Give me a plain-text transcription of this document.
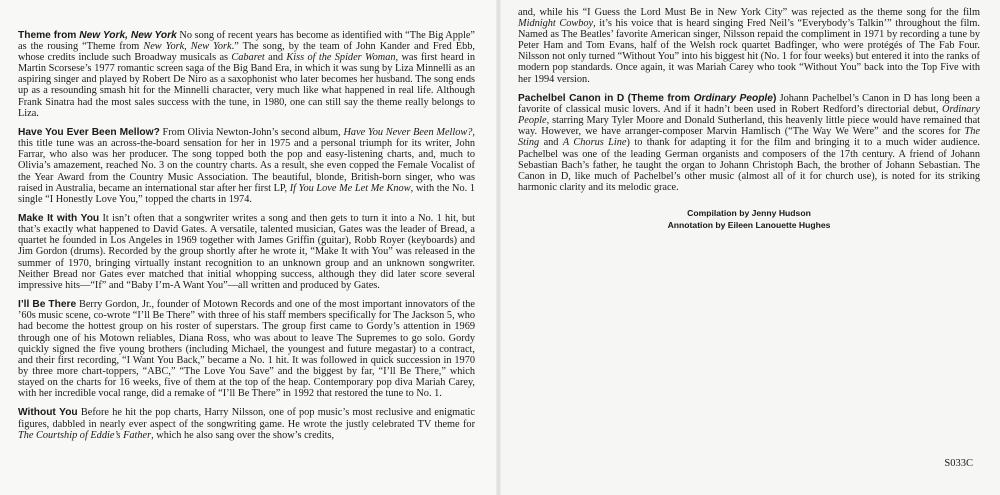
Theme from New York, New York No song of recent years has become as identified with “The Big Apple” as the rousing “Theme from New York, New York.” The song, by the team of John Kander and Fred Ebb, whose credits include such Broadway musicals as Cabaret and Kiss of the Spider Woman, was first heard in Martin Scorsese’s 1977 romantic screen saga of the Big Band Era, in which it was sung by Liza Minnelli as an aspiring singer and played by Robert De Niro as a saxophonist who later becomes her husband. The song ends up as a resounding smash hit for the Minnelli character, very much like what happened in real life. Although Frank Sinatra had the most sales success with the tune, in 1980, one can still say the theme really belongs to Liza.

Have You Ever Been Mellow? From Olivia Newton-John’s second album, Have You Never Been Mellow?, this title tune was an across-the-board sensation for her in 1975 and a personal triumph for its writer, John Farrar, who also was her producer. The song topped both the pop and easy-listening charts, and, much to Olivia’s amazement, reached No. 3 on the country charts. As a result, she even copped the Female Vocalist of the Year Award from the Country Music Association. The beautiful, blonde, British-born singer, who was raised in Australia, became an international star after her first LP, If You Love Me Let Me Know, with the No. 1 single “I Honestly Love You,” topped the charts in 1974.

Make It with You It isn’t often that a songwriter writes a song and then gets to turn it into a No. 1 hit, but that’s exactly what happened to David Gates. A versatile, talented musician, Gates was the leader of Bread, a quartet he founded in Los Angeles in 1969 together with James Griffin (guitar), Robb Royer (keyboards) and Jim Gordon (drums). Recorded by the group shortly after he wrote it, “Make It with You” was released in the summer of 1970, bringing virtually instant recognition to an unknown group and an unknown songwriter. Neither Bread nor Gates ever matched that initial whopping success, although they did later score several impressive hits—“If” and “Baby I’m-A Want You”—all written and produced by Gates.

I’ll Be There Berry Gordon, Jr., founder of Motown Records and one of the most important innovators of the ’60s music scene, co-wrote “I’ll Be There” with three of his staff members specifically for The Jackson 5, who had become the hottest group on his roster of superstars. The group first came to Gordy’s attention in 1969 through one of his Motown reliables, Diana Ross, who was about to leave The Supremes to go solo. Gordy quickly signed the five young brothers (including Michael, the youngest and future megastar) to a contract, and their first recording, “I Want You Back,” became a No. 1 hit. It was followed in quick succession in 1970 by three more chart-toppers, “ABC,” “The Love You Save” and the biggest by far, “I’ll Be There,” which stayed on the charts for 16 weeks, five of them at the top of the heap. Contemporary pop diva Mariah Carey, with her incredible vocal range, did a remake of “I’ll Be There” in 1992 that restored the tune to No. 1.

Without You Before he hit the pop charts, Harry Nilsson, one of pop music’s most reclusive and enigmatic figures, dabbled in nearly ever aspect of the songwriting game. He wrote the justly celebrated TV theme for The Courtship of Eddie’s Father, which he also sang over the show’s credits,

and, while his “I Guess the Lord Must Be in New York City” was rejected as the theme song for the film Midnight Cowboy, it’s his voice that is heard singing Fred Neil’s “Everybody’s Talkin’” throughout the film. Named as The Beatles’ favorite American singer, Nilsson repaid the compliment in 1971 by recording a tune by Peter Ham and Tom Evans, half of the Welsh rock quartet Badfinger, who were protégés of The Fab Four. Nilsson not only turned “Without You” into his biggest hit (No. 1 for four weeks) but entered it into the ranks of modern pop standards. Once again, it was Mariah Carey who took “Without You” back into the Top Five with her 1994 version.

Pachelbel Canon in D (Theme from Ordinary People) Johann Pachelbel’s Canon in D has long been a favorite of classical music lovers. And if it hadn’t been used in Robert Redford’s directorial debut, Ordinary People, starring Mary Tyler Moore and Donald Sutherland, this heavenly little piece would have remained that way. However, we have arranger-composer Marvin Hamlisch (“The Way We Were” and the scores for The Sting and A Chorus Line) to thank for adapting it for the film and bringing it to a much wider audience. Pachelbel was one of the leading German organists and composers of the 17th century. A friend of Johann Sebastian Bach’s father, he taught the organ to Johann Christoph Bach, the brother of Johann Sebastian. The Canon in D, like much of Pachelbel’s other music (almost all of it for church use), is noted for its striking harmonic clarity and its melodic grace.

Compilation by Jenny Hudson
Annotation by Eileen Lanouette Hughes
S033C
